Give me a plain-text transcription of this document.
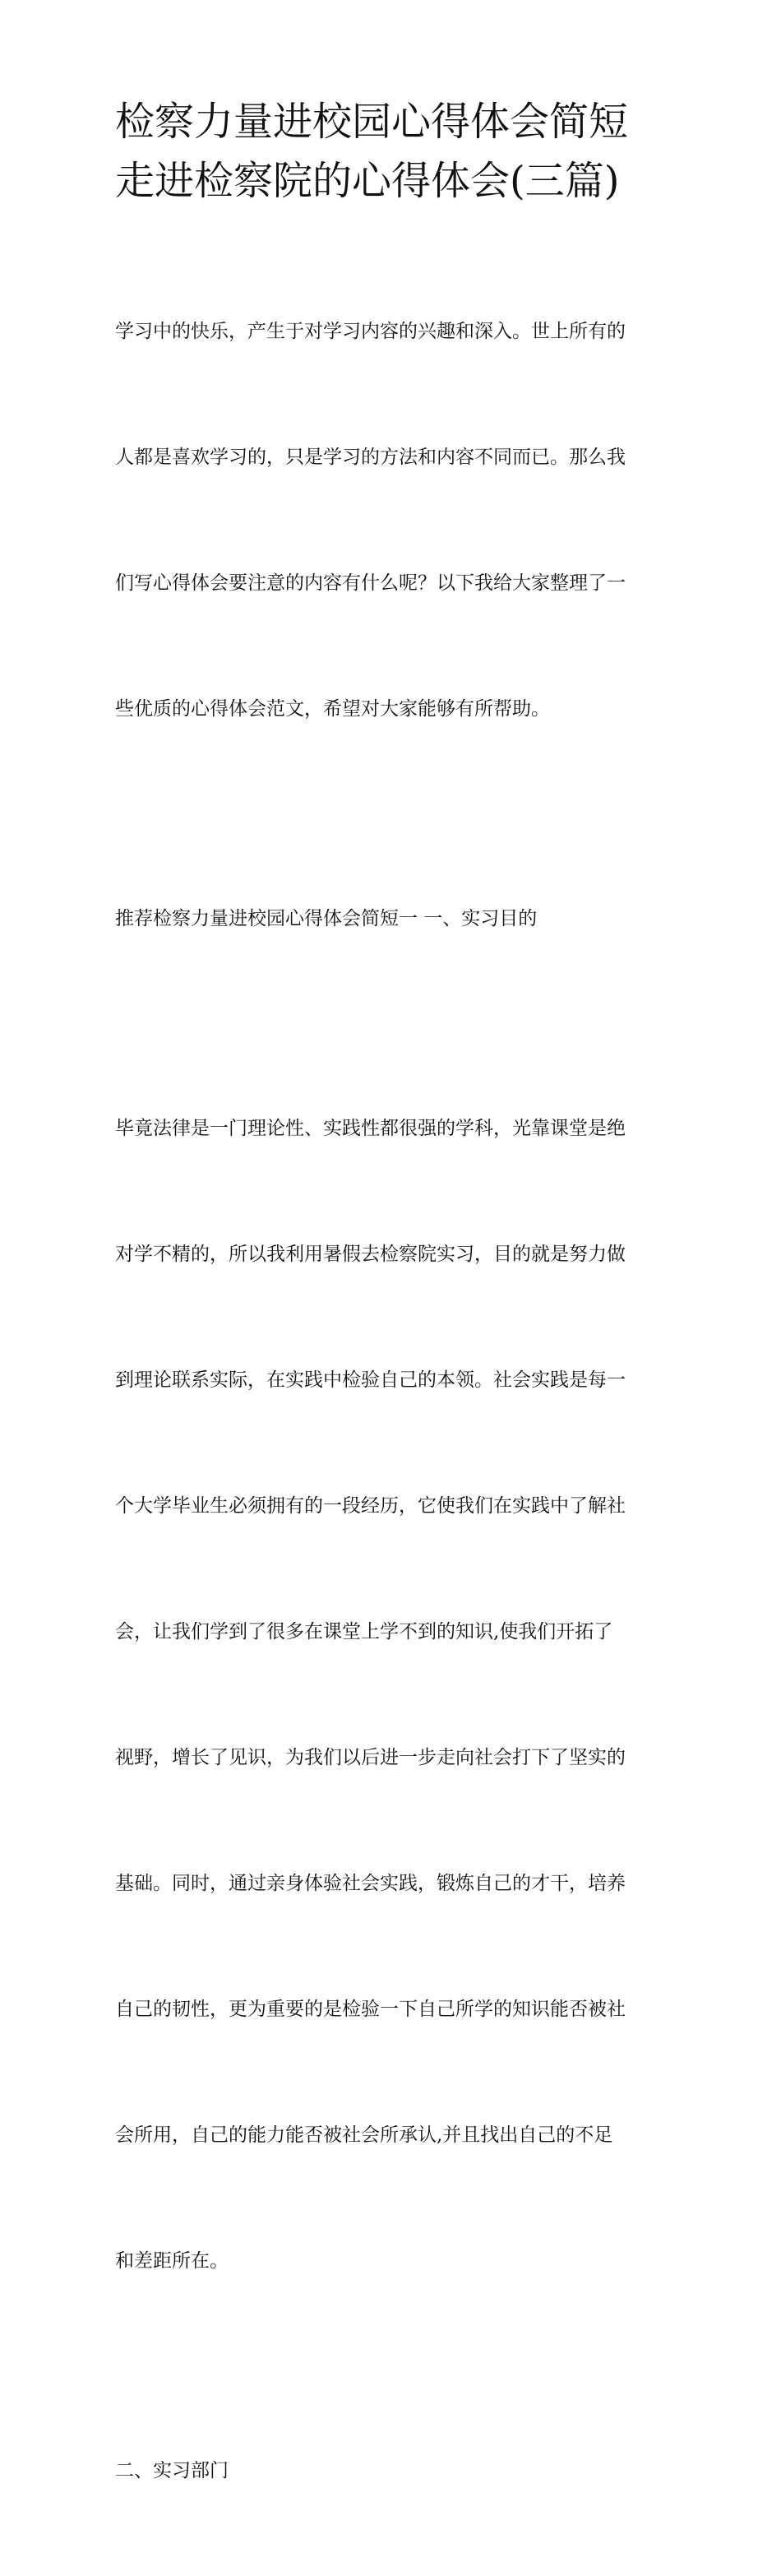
检察力量进校园心得体会简短
走进检察院的心得体会(三篇)

学习中的快乐，产生于对学习内容的兴趣和深入。世上所有的

人都是喜欢学习的，只是学习的方法和内容不同而已。那么我

们写心得体会要注意的内容有什么呢？以下我给大家整理了一

些优质的心得体会范文，希望对大家能够有所帮助。

推荐检察力量进校园心得体会简短一 一、实习目的

毕竟法律是一门理论性、实践性都很强的学科，光靠课堂是绝

对学不精的，所以我利用暑假去检察院实习，目的就是努力做

到理论联系实际，在实践中检验自己的本领。社会实践是每一

个大学毕业生必须拥有的一段经历，它使我们在实践中了解社

会，让我们学到了很多在课堂上学不到的知识,使我们开拓了

视野，增长了见识，为我们以后进一步走向社会打下了坚实的

基础。同时，通过亲身体验社会实践，锻炼自己的才干，培养

自己的韧性，更为重要的是检验一下自己所学的知识能否被社

会所用，自己的能力能否被社会所承认,并且找出自己的不足

和差距所在。

二、实习部门
